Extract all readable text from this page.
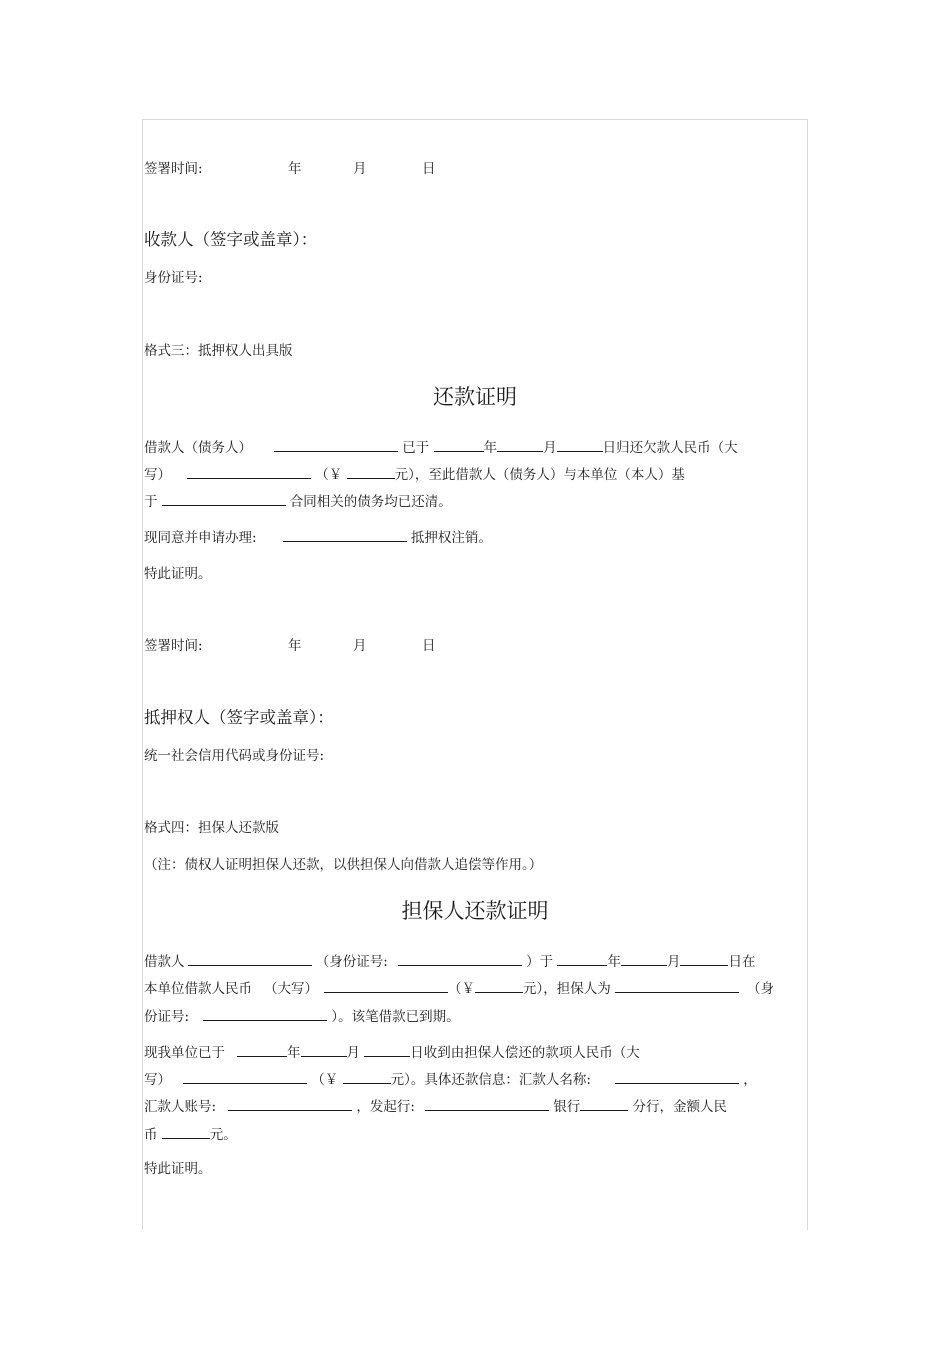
签署时间:	年	月	日
收款人（签字或盖章）：
身份证号:
格式三：抵押权人出具版
还款证明
借款人（债务人）	已于	年	月	日归还欠款人民币（大
写）	（￥	元），至此借款人（债务人）与本单位（本人）基
于	合同相关的债务均已还清。
现同意并申请办理:	抵押权注销。
特此证明。
签署时间:	年	月	日
抵押权人（签字或盖章）：
统一社会信用代码或身份证号:
格式四：担保人还款版
（注：债权人证明担保人还款，以供担保人向借款人追偿等作用。）
担保人还款证明
借款人	（身份证号:	）于	年	月	日在
本单位借款人民币 （大写）	（￥	元），担保人为	（身
份证号:	）。该笔借款已到期。
现我单位已于	年	月	日收到由担保人偿还的款项人民币（大
写）	（￥	元）。具体还款信息：汇款人名称:	，
汇款人账号:	，发起行:	银行	分行，金额人民
币	元。
特此证明。
